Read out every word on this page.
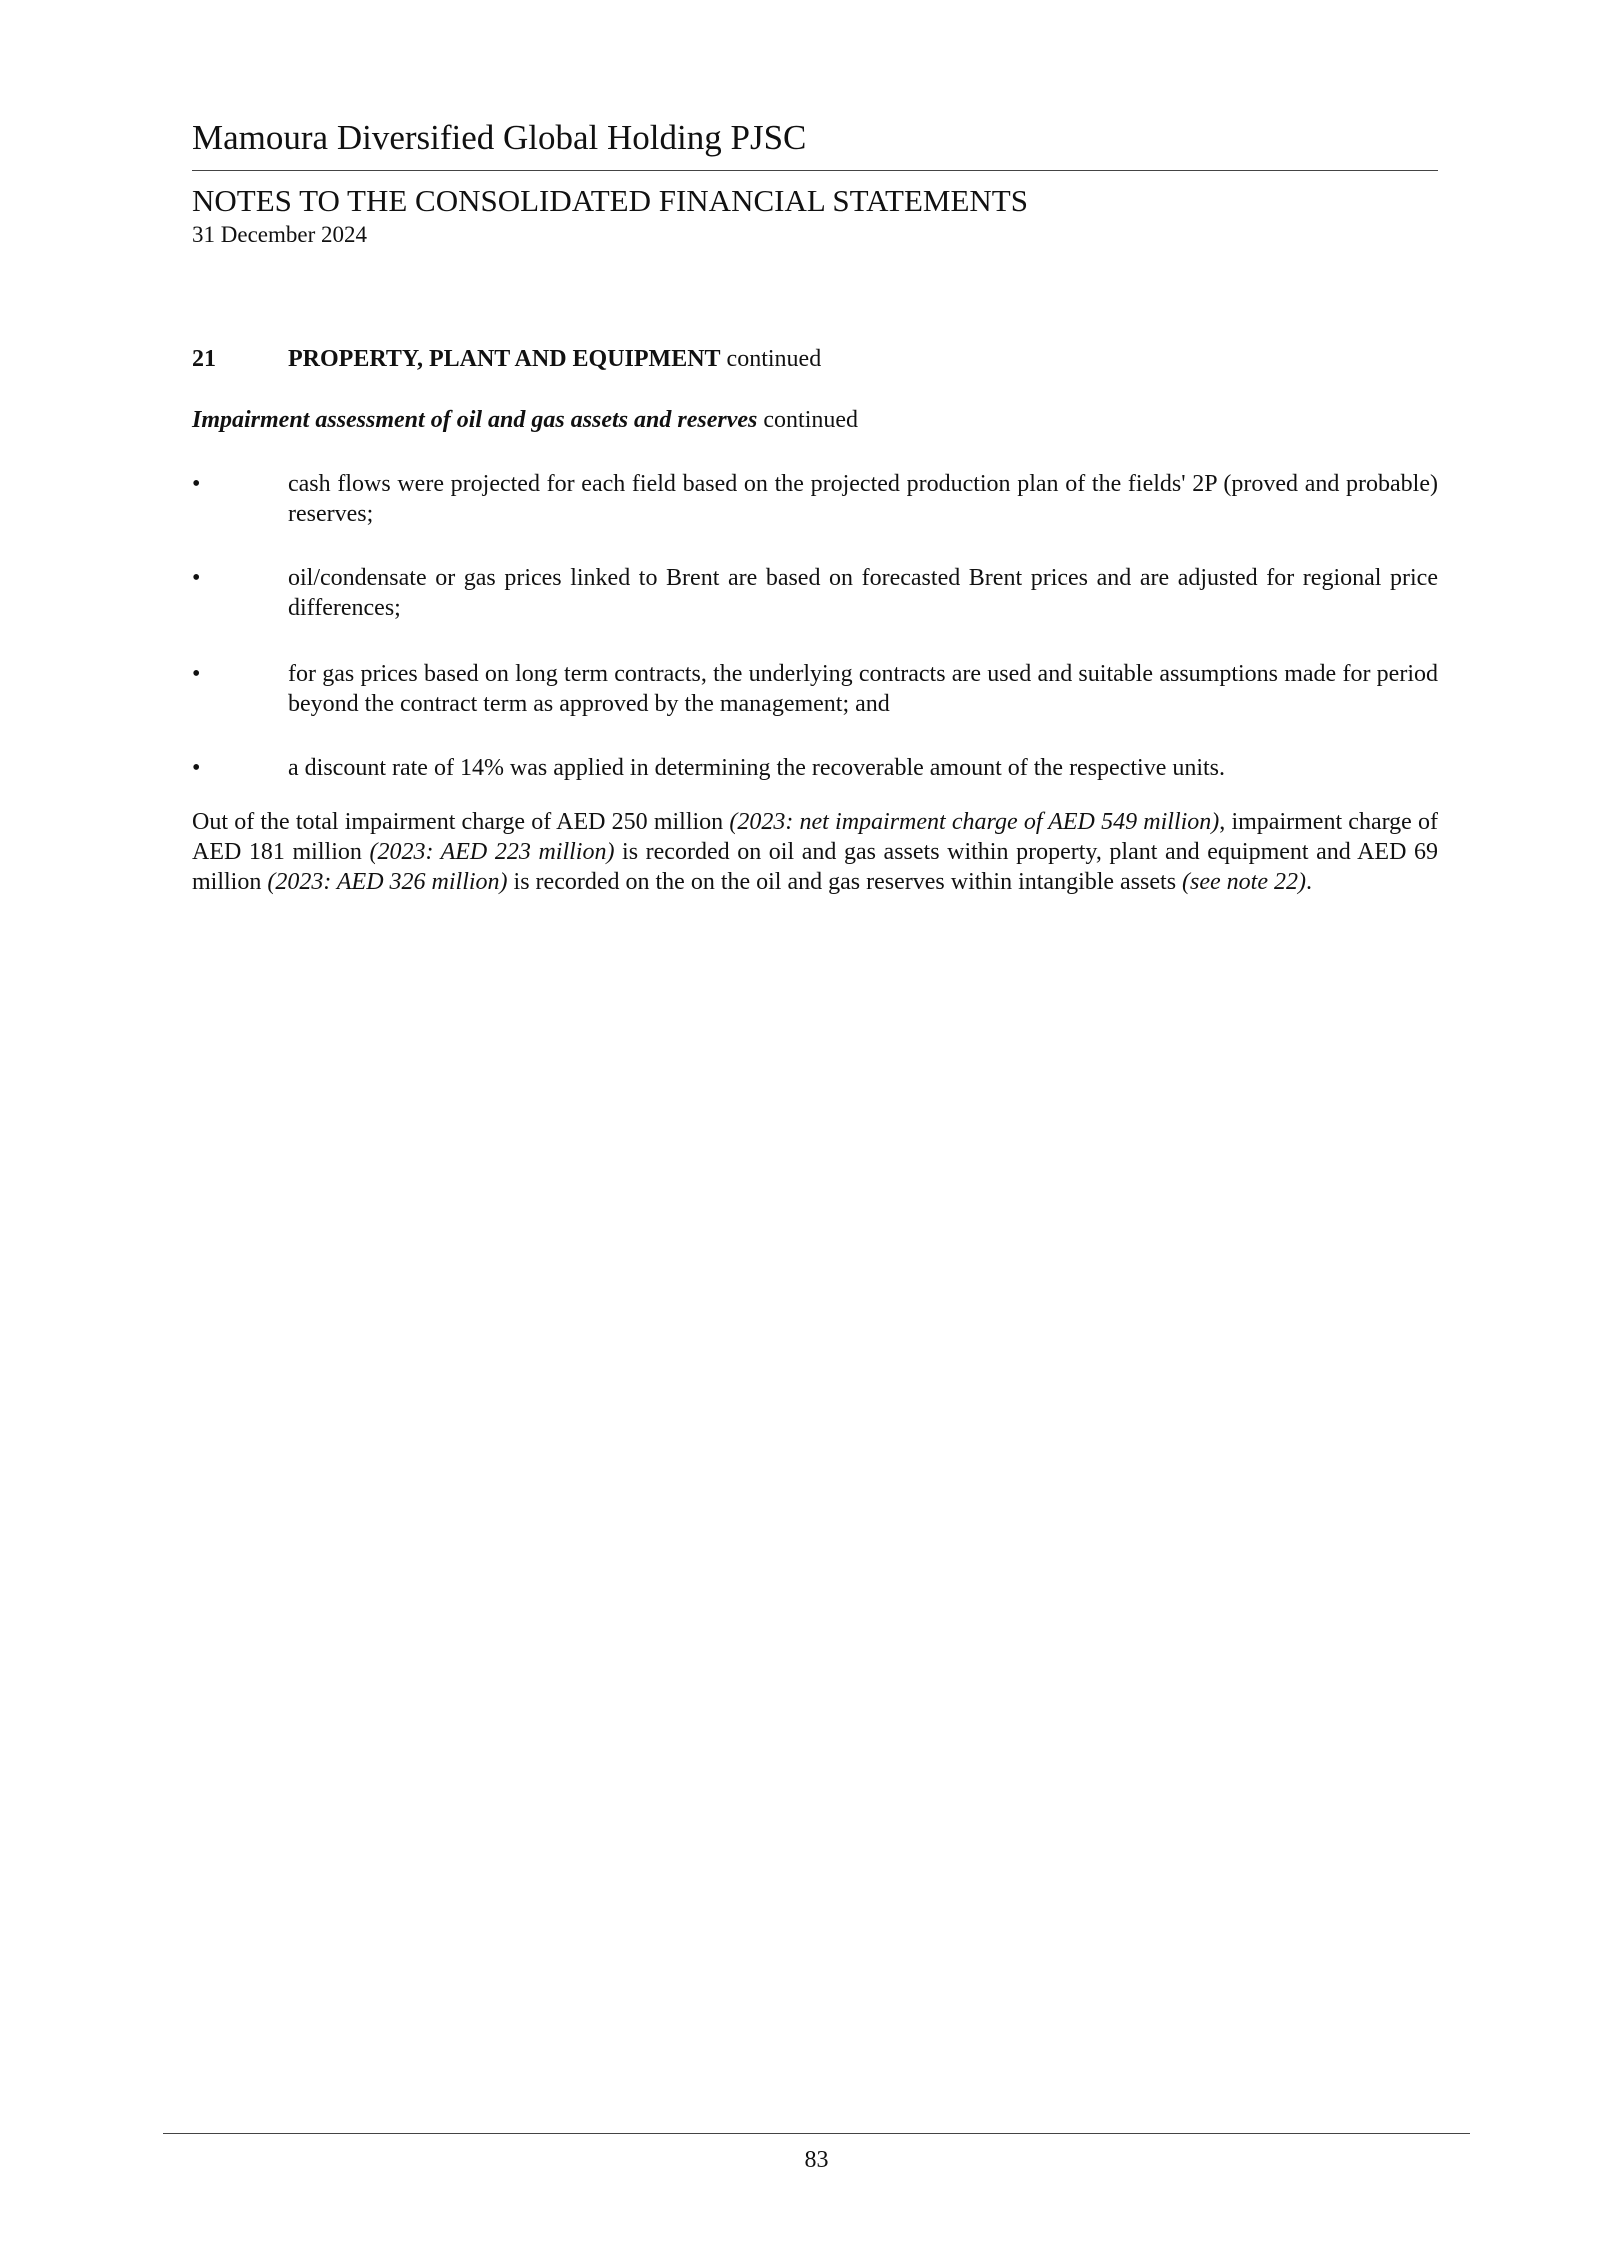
Mamoura Diversified Global Holding PJSC
NOTES TO THE CONSOLIDATED FINANCIAL STATEMENTS
31 December 2024
21	PROPERTY, PLANT AND EQUIPMENT continued
Impairment assessment of oil and gas assets and reserves continued
•	cash flows were projected for each field based on the projected production plan of the fields' 2P (proved and probable) reserves;
•	oil/condensate or gas prices linked to Brent are based on forecasted Brent prices and are adjusted for regional price differences;
•	for gas prices based on long term contracts, the underlying contracts are used and suitable assumptions made for period beyond the contract term as approved by the management; and
•	a discount rate of 14% was applied in determining the recoverable amount of the respective units.
Out of the total impairment charge of AED 250 million (2023: net impairment charge of AED 549 million), impairment charge of AED 181 million (2023: AED 223 million) is recorded on oil and gas assets within property, plant and equipment and AED 69 million (2023: AED 326 million) is recorded on the on the oil and gas reserves within intangible assets (see note 22).
83
